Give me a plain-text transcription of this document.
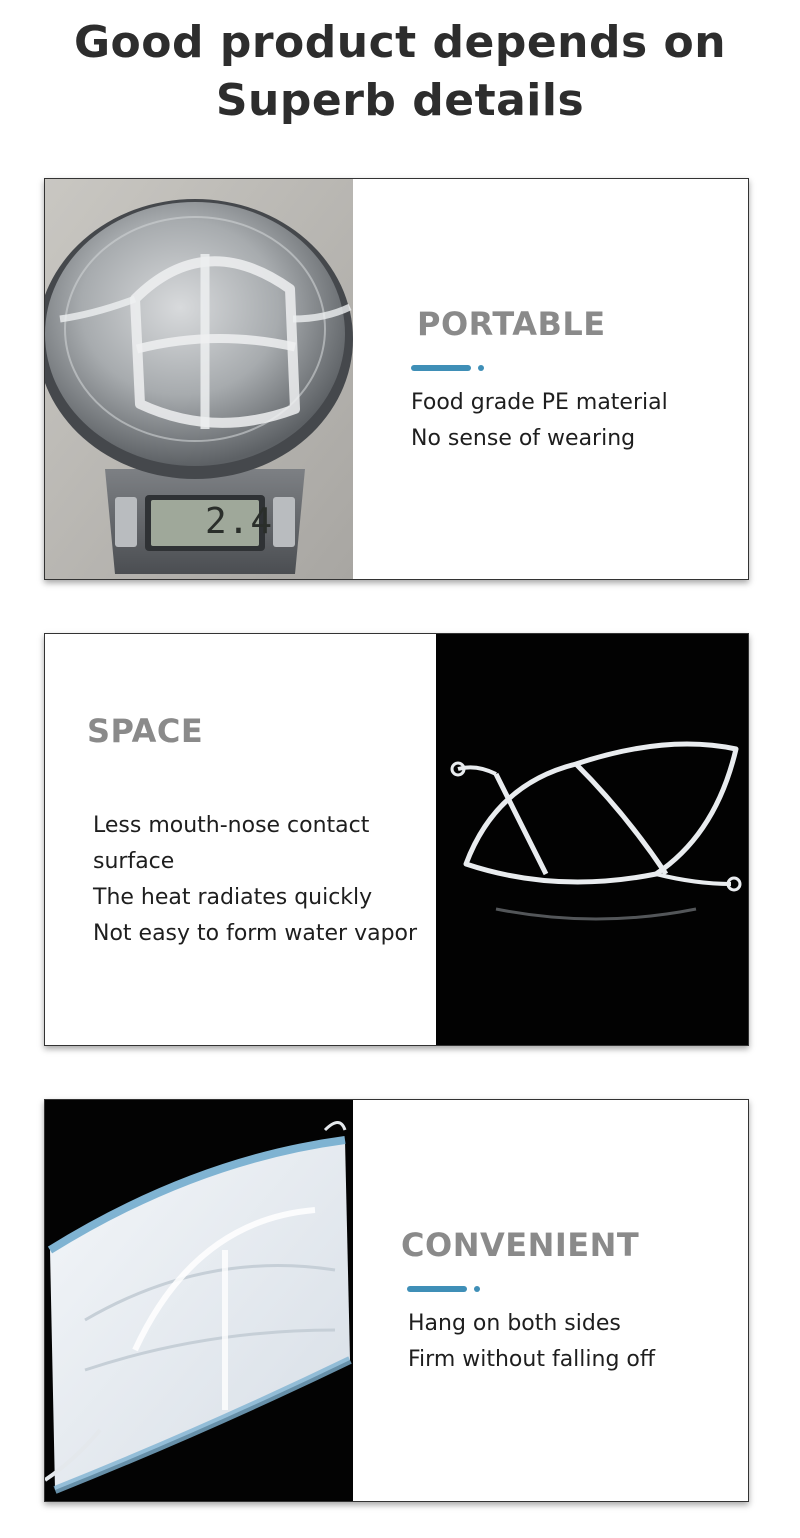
Good product depends on
Superb details
2.4
PORTABLE
Food grade PE material
No sense of wearing
SPACE
Less mouth-nose contact
surface
The heat radiates quickly
Not easy to form water vapor
CONVENIENT
Hang on both sides
Firm without falling off
